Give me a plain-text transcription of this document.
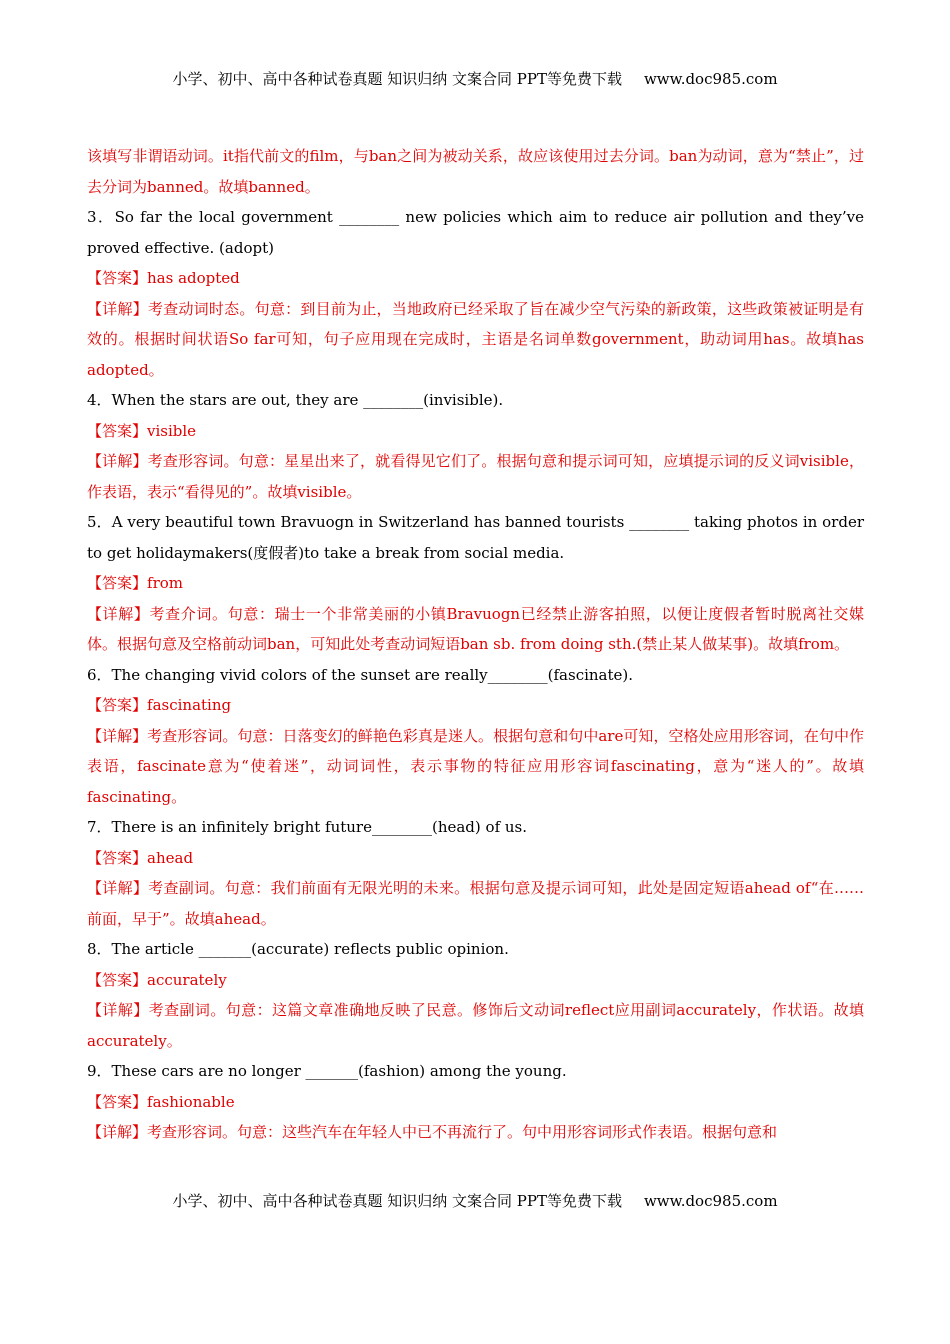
小学、初中、高中各种试卷真题 知识归纳 文案合同 PPT等免费下载 www.doc985.com

该填写非谓语动词。it指代前文的film，与ban之间为被动关系，故应该使用过去分词。ban为动词，意为“禁止”，过去分词为banned。故填banned。

3．So far the local government ________ new policies which aim to reduce air pollution and they’ve proved effective. (adopt)

【答案】has adopted

【详解】考查动词时态。句意：到目前为止，当地政府已经采取了旨在减少空气污染的新政策，这些政策被证明是有效的。根据时间状语So far可知，句子应用现在完成时，主语是名词单数government，助动词用has。故填has adopted。

4．When the stars are out, they are ________(invisible).

【答案】visible

【详解】考查形容词。句意：星星出来了，就看得见它们了。根据句意和提示词可知，应填提示词的反义词visible，作表语，表示“看得见的”。故填visible。

5．A very beautiful town Bravuogn in Switzerland has banned tourists ________ taking photos in order to get holidaymakers(度假者)to take a break from social media.

【答案】from

【详解】考查介词。句意：瑞士一个非常美丽的小镇Bravuogn已经禁止游客拍照，以便让度假者暂时脱离社交媒体。根据句意及空格前动词ban，可知此处考查动词短语ban sb. from doing sth.(禁止某人做某事)。故填from。

6．The changing vivid colors of the sunset are really________(fascinate).

【答案】fascinating

【详解】考查形容词。句意：日落变幻的鲜艳色彩真是迷人。根据句意和句中are可知，空格处应用形容词，在句中作表语，fascinate意为“使着迷”，动词词性，表示事物的特征应用形容词fascinating，意为“迷人的”。故填fascinating。

7．There is an infinitely bright future________(head) of us.

【答案】ahead

【详解】考查副词。句意：我们前面有无限光明的未来。根据句意及提示词可知，此处是固定短语ahead of“在……前面，早于”。故填ahead。

8．The article _______(accurate) reflects public opinion.

【答案】accurately

【详解】考查副词。句意：这篇文章准确地反映了民意。修饰后文动词reflect应用副词accurately，作状语。故填accurately。

9．These cars are no longer _______(fashion) among the young.

【答案】fashionable

【详解】考查形容词。句意：这些汽车在年轻人中已不再流行了。句中用形容词形式作表语。根据句意和

小学、初中、高中各种试卷真题 知识归纳 文案合同 PPT等免费下载 www.doc985.com
